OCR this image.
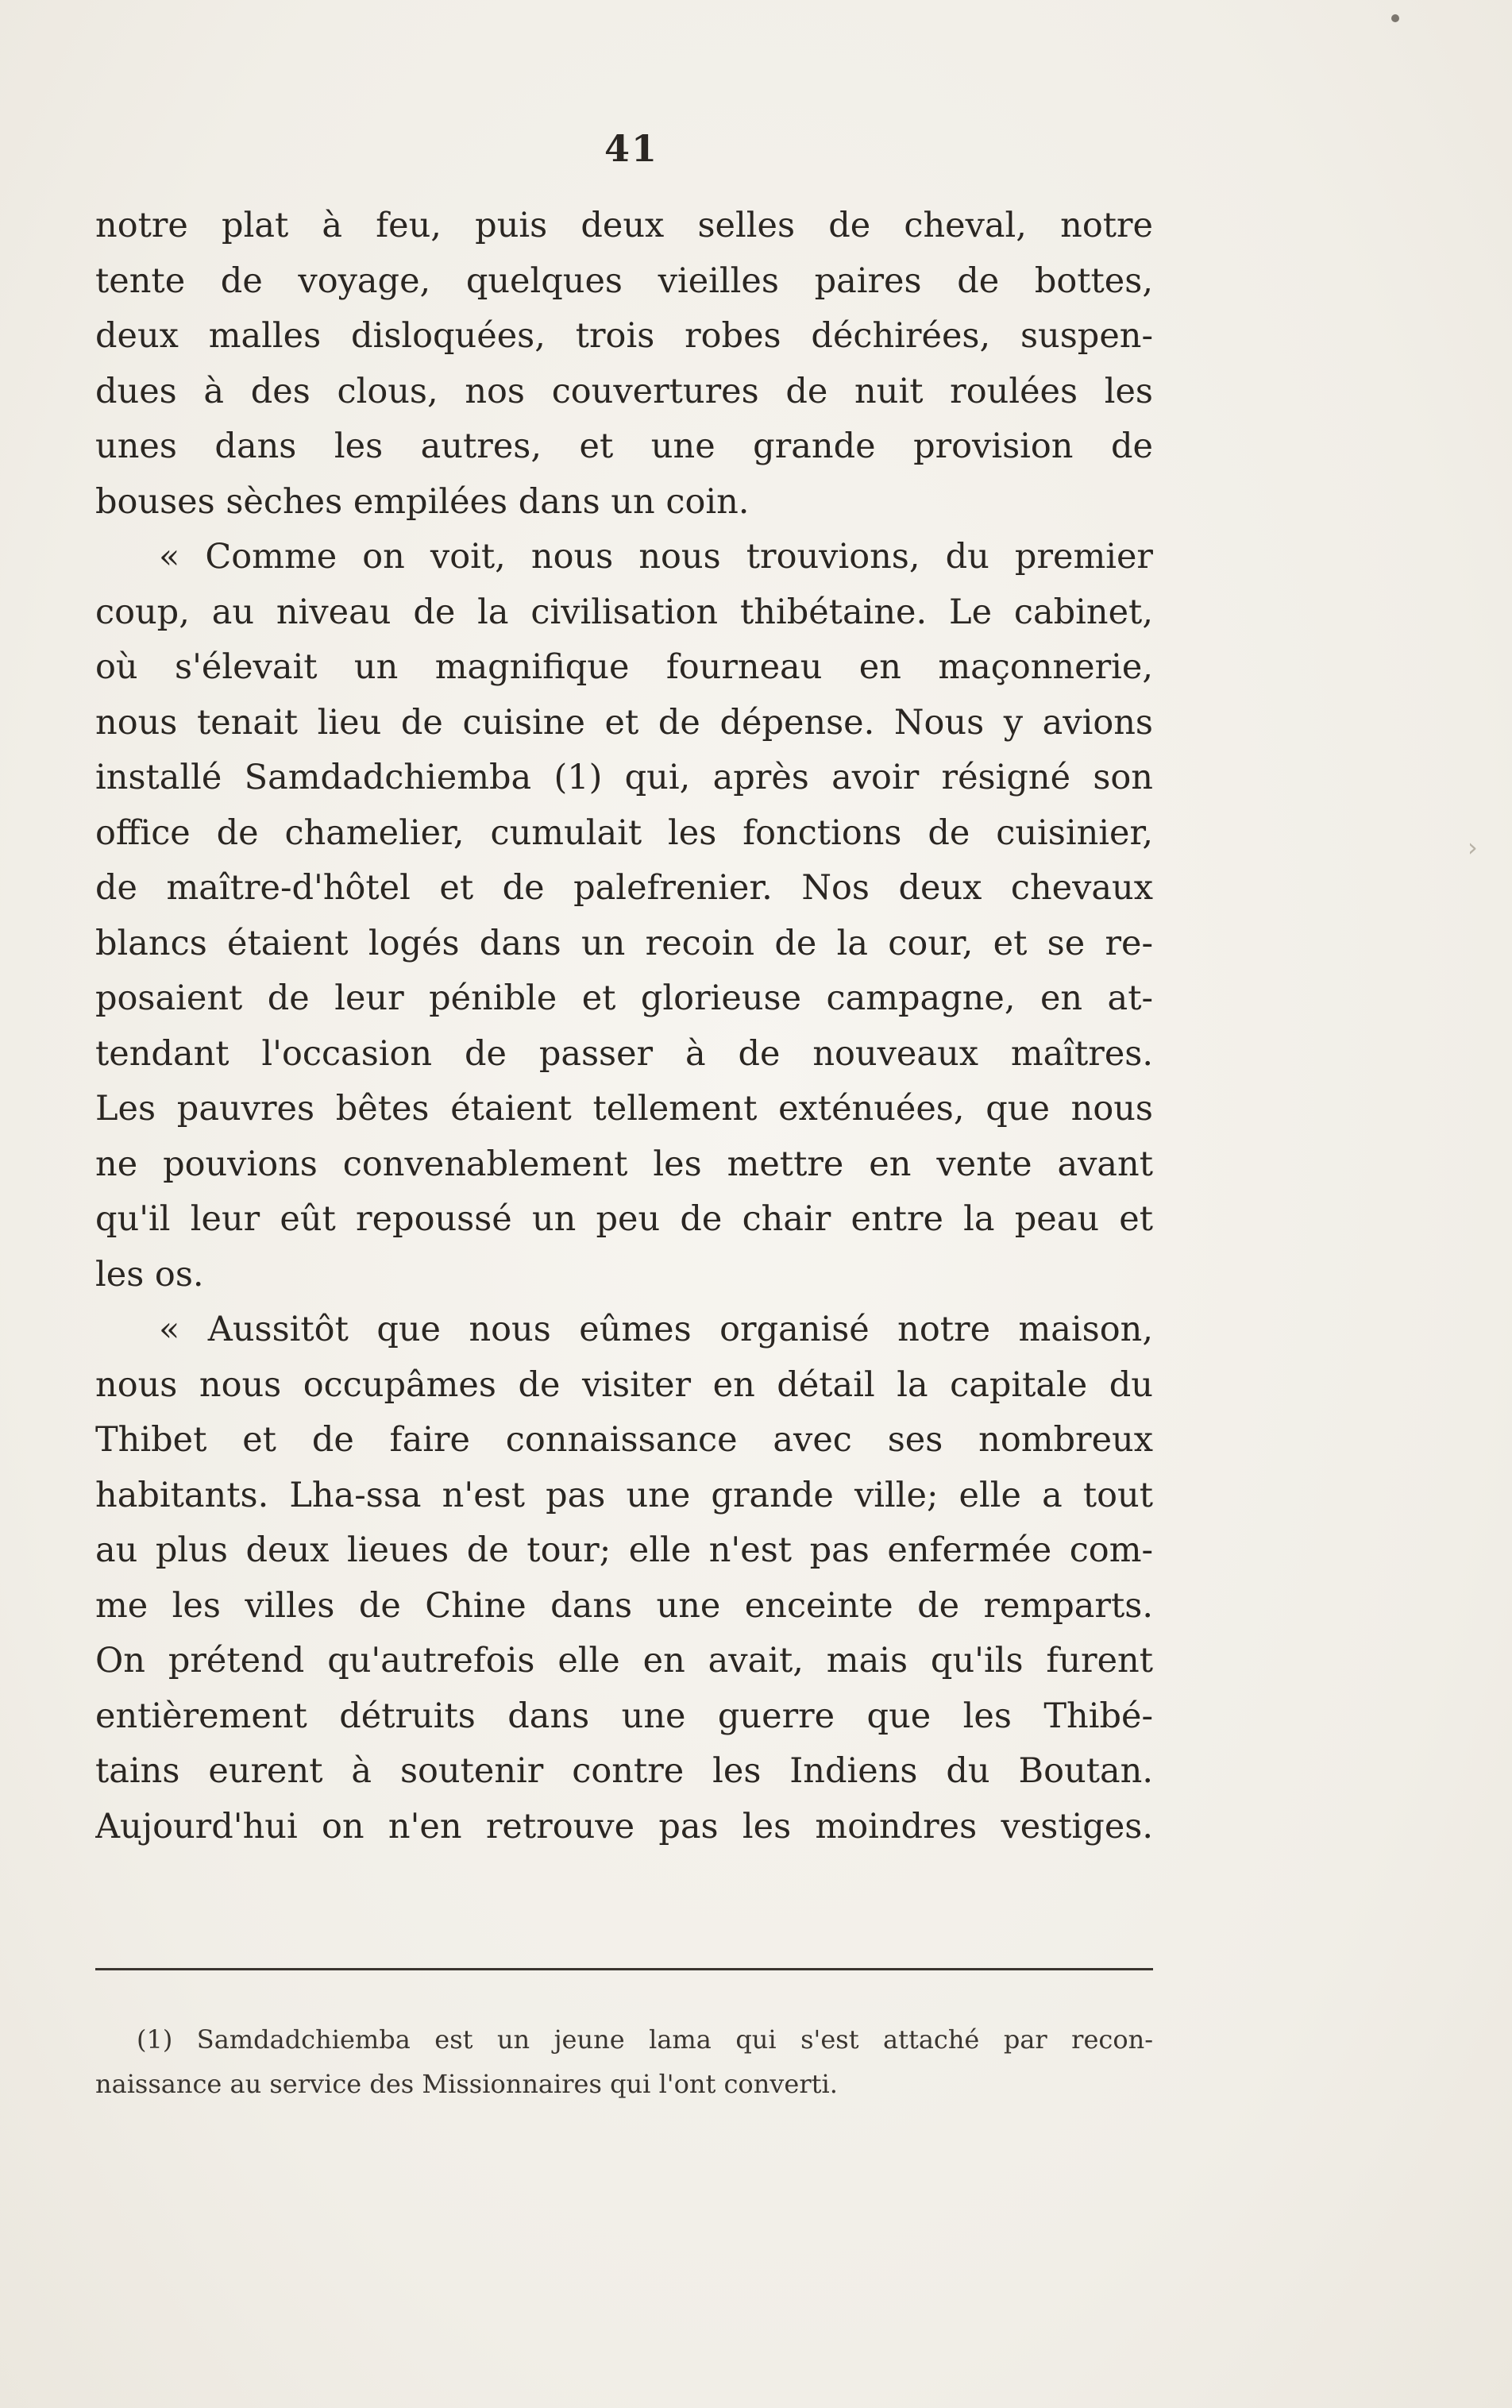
›
41
notre plat à feu, puis deux selles de cheval, notre
tente de voyage, quelques vieilles paires de bottes,
deux malles disloquées, trois robes déchirées, suspen-
dues à des clous, nos couvertures de nuit roulées les
unes dans les autres, et une grande provision de
bouses sèches empilées dans un coin.
« Comme on voit, nous nous trouvions, du premier
coup, au niveau de la civilisation thibétaine. Le cabinet,
où s'élevait un magnifique fourneau en maçonnerie,
nous tenait lieu de cuisine et de dépense. Nous y avions
installé Samdadchiemba (1) qui, après avoir résigné son
office de chamelier, cumulait les fonctions de cuisinier,
de maître-d'hôtel et de palefrenier. Nos deux chevaux
blancs étaient logés dans un recoin de la cour, et se re-
posaient de leur pénible et glorieuse campagne, en at-
tendant l'occasion de passer à de nouveaux maîtres.
Les pauvres bêtes étaient tellement exténuées, que nous
ne pouvions convenablement les mettre en vente avant
qu'il leur eût repoussé un peu de chair entre la peau et
les os.
« Aussitôt que nous eûmes organisé notre maison,
nous nous occupâmes de visiter en détail la capitale du
Thibet et de faire connaissance avec ses nombreux
habitants. Lha-ssa n'est pas une grande ville; elle a tout
au plus deux lieues de tour; elle n'est pas enfermée com-
me les villes de Chine dans une enceinte de remparts.
On prétend qu'autrefois elle en avait, mais qu'ils furent
entièrement détruits dans une guerre que les Thibé-
tains eurent à soutenir contre les Indiens du Boutan.
Aujourd'hui on n'en retrouve pas les moindres vestiges.
(1) Samdadchiemba est un jeune lama qui s'est attaché par recon-
naissance au service des Missionnaires qui l'ont converti.
